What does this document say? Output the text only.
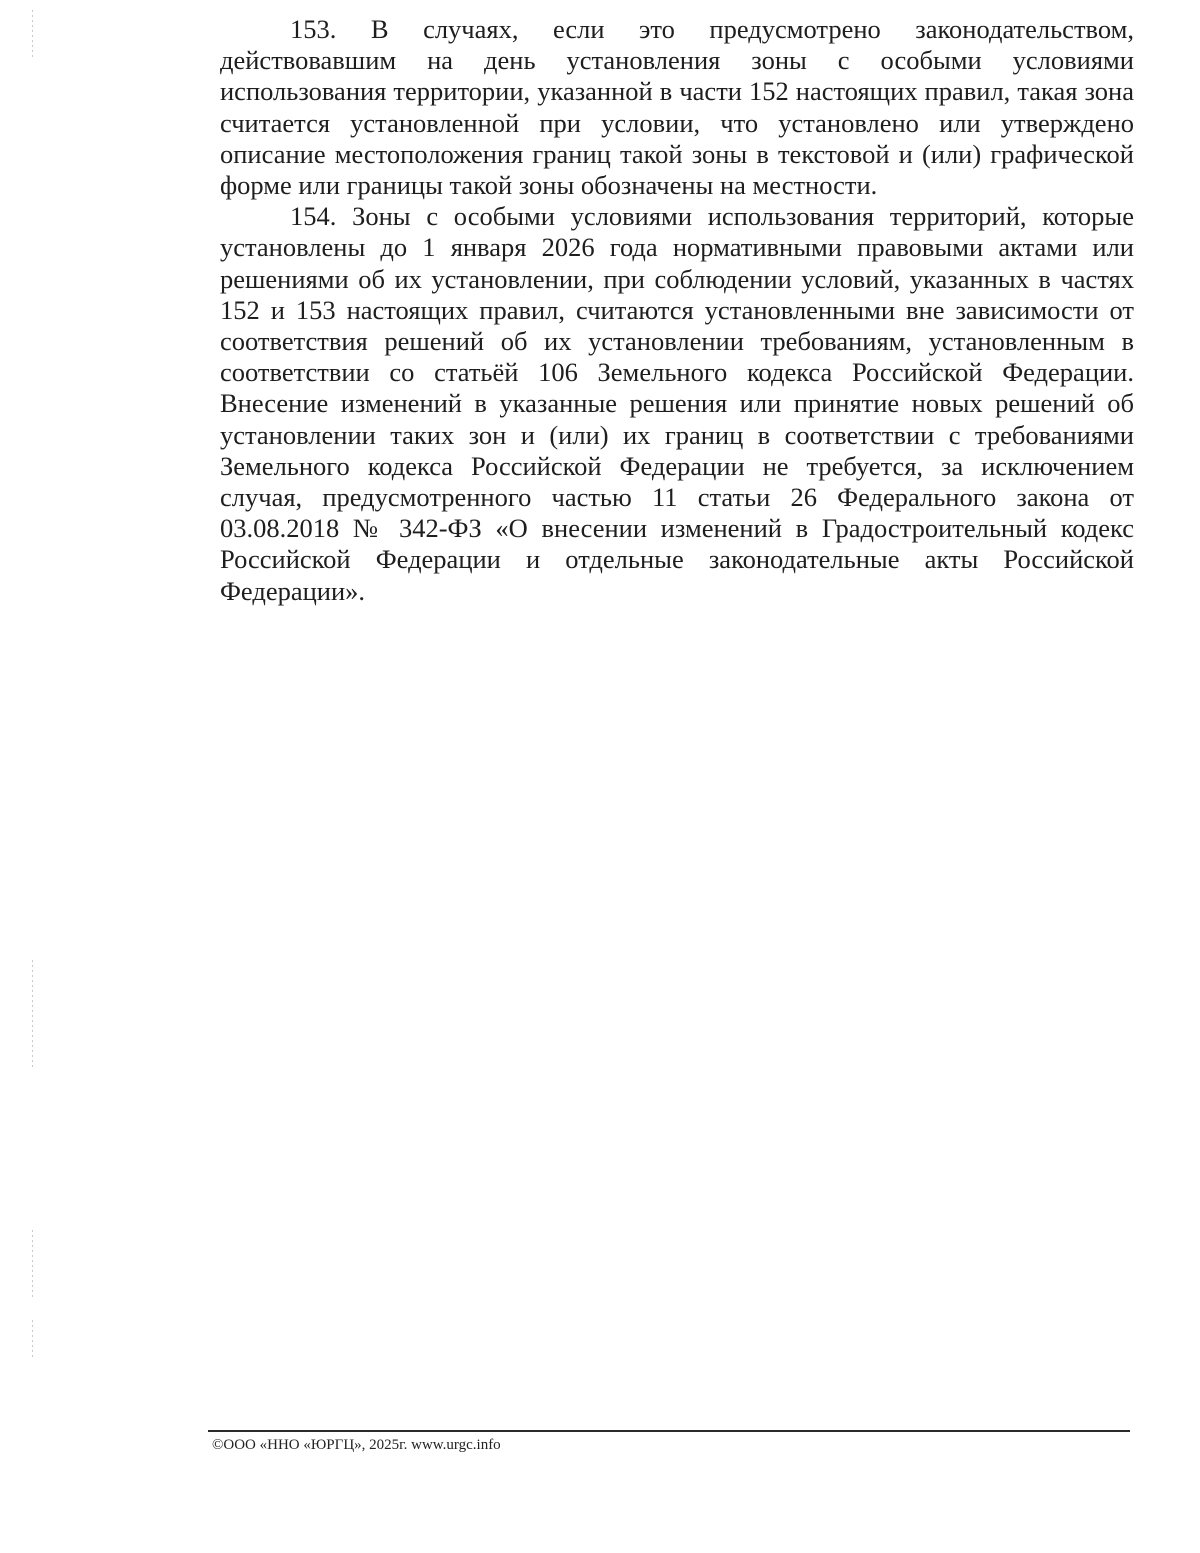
153. В случаях, если это предусмотрено законодательством, действовавшим на день установления зоны с особыми условиями использования территории, указанной в части 152 настоящих правил, такая зона считается установленной при условии, что установлено или утверждено описание местоположения границ такой зоны в текстовой и (или) графической форме или границы такой зоны обозначены на местности.

154. Зоны с особыми условиями использования территорий, которые установлены до 1 января 2026 года нормативными правовыми актами или решениями об их установлении, при соблюдении условий, указанных в частях 152 и 153 настоящих правил, считаются установленными вне зависимости от соответствия решений об их установлении требованиям, установленным в соответствии со статьёй 106 Земельного кодекса Российской Федерации. Внесение изменений в указанные решения или принятие новых решений об установлении таких зон и (или) их границ в соответствии с требованиями Земельного кодекса Российской Федерации не требуется, за исключением случая, предусмотренного частью 11 статьи 26 Федерального закона от 03.08.2018 № 342-ФЗ «О внесении изменений в Градостроительный кодекс Российской Федерации и отдельные законодательные акты Российской Федерации».

©ООО «ННО «ЮРГЦ», 2025г. www.urgc.info
